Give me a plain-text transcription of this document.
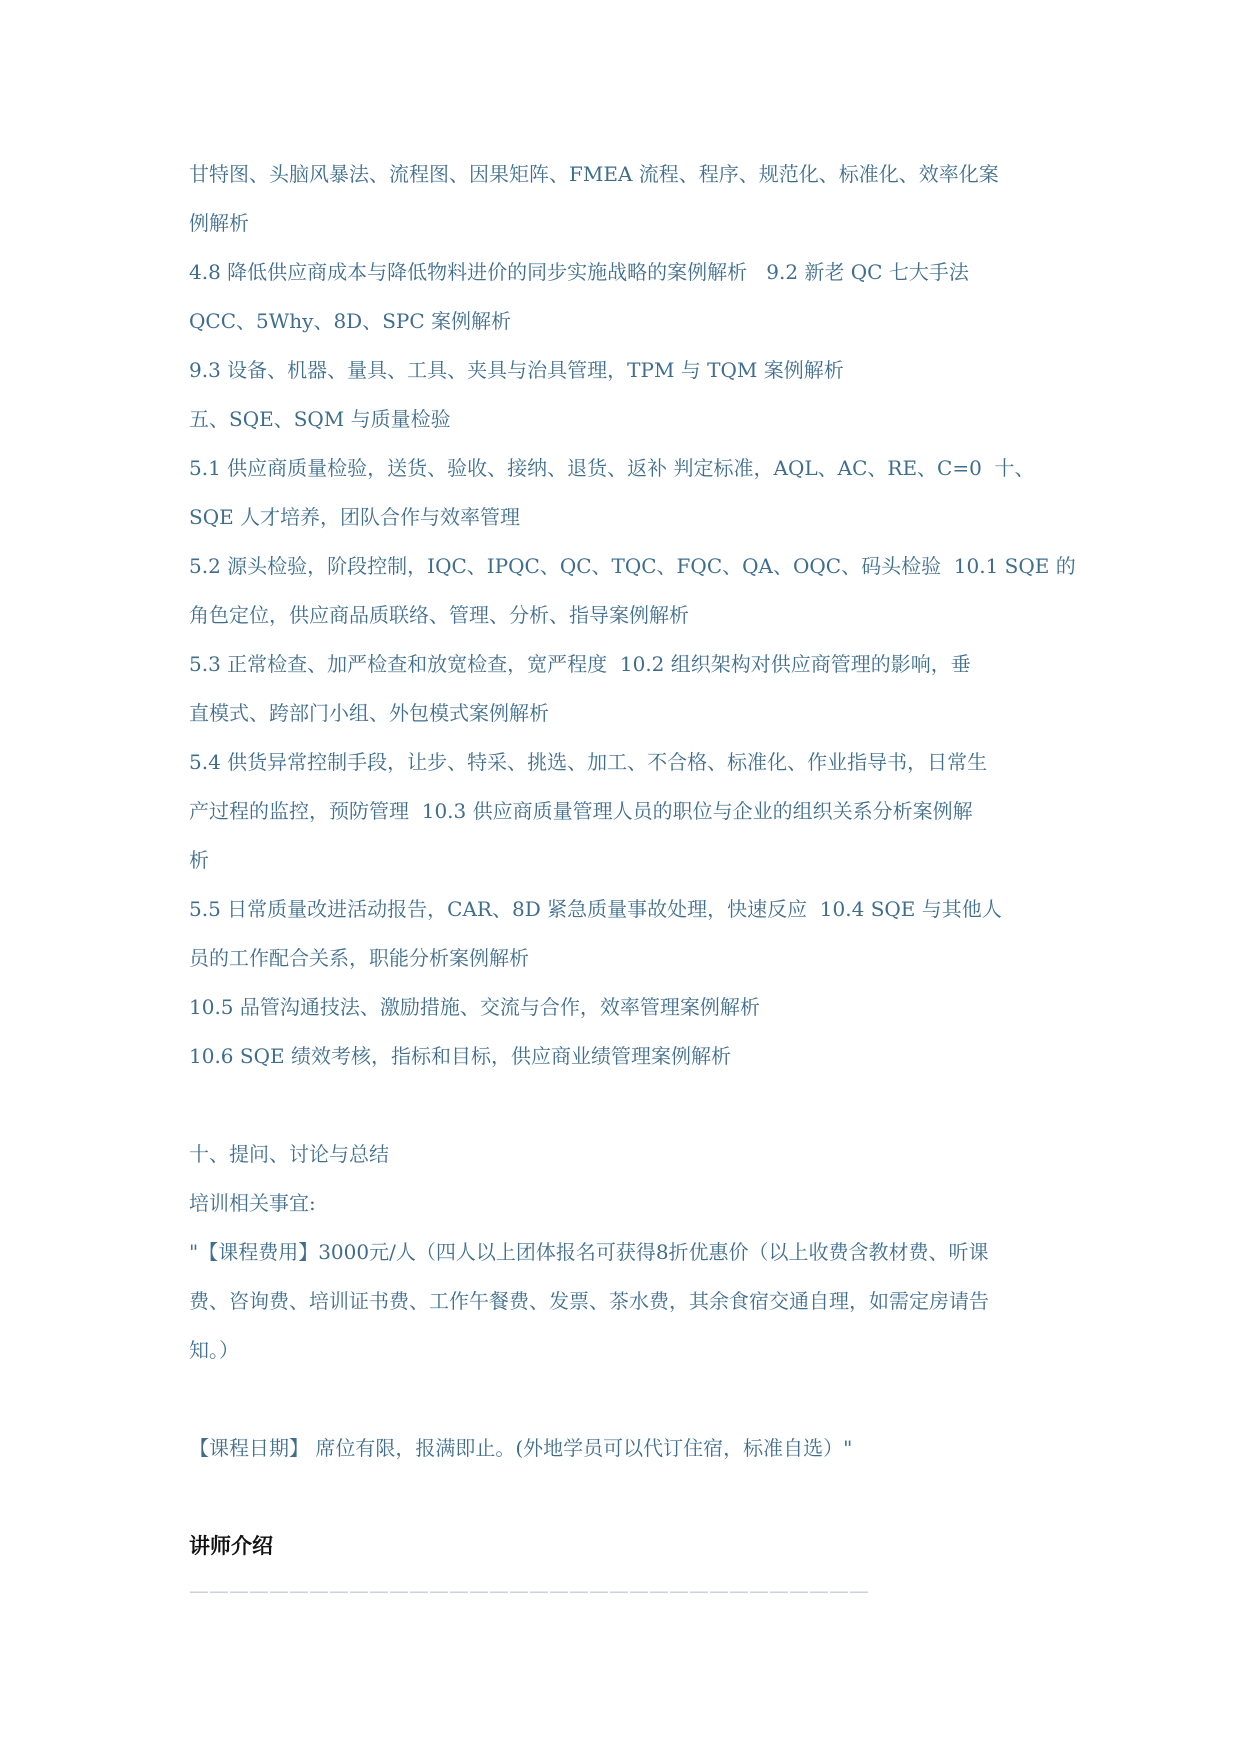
甘特图、头脑风暴法、流程图、因果矩阵、FMEA 流程、程序、规范化、标准化、效率化案
例解析
4.8 降低供应商成本与降低物料进价的同步实施战略的案例解析   9.2 新老 QC 七大手法
QCC、5Why、8D、SPC 案例解析
9.3 设备、机器、量具、工具、夹具与治具管理，TPM 与 TQM 案例解析
五、SQE、SQM 与质量检验
5.1 供应商质量检验，送货、验收、接纳、退货、返补 判定标准，AQL、AC、RE、C=0  十、
SQE 人才培养，团队合作与效率管理
5.2 源头检验，阶段控制，IQC、IPQC、QC、TQC、FQC、QA、OQC、码头检验  10.1 SQE 的
角色定位，供应商品质联络、管理、分析、指导案例解析
5.3 正常检查、加严检查和放宽检查，宽严程度  10.2 组织架构对供应商管理的影响，垂
直模式、跨部门小组、外包模式案例解析
5.4 供货异常控制手段，让步、特采、挑选、加工、不合格、标准化、作业指导书，日常生
产过程的监控，预防管理  10.3 供应商质量管理人员的职位与企业的组织关系分析案例解
析
5.5 日常质量改进活动报告，CAR、8D 紧急质量事故处理，快速反应  10.4 SQE 与其他人
员的工作配合关系，职能分析案例解析
10.5 品管沟通技法、激励措施、交流与合作，效率管理案例解析
10.6 SQE 绩效考核，指标和目标，供应商业绩管理案例解析
十、提问、讨论与总结
培训相关事宜:
"【课程费用】3000元/人（四人以上团体报名可获得8折优惠价（以上收费含教材费、听课
费、咨询费、培训证书费、工作午餐费、发票、茶水费，其余食宿交通自理，如需定房请告
知。）
【课程日期】 席位有限，报满即止。(外地学员可以代订住宿，标准自选）"
讲师介绍
——————————————————————————————————
